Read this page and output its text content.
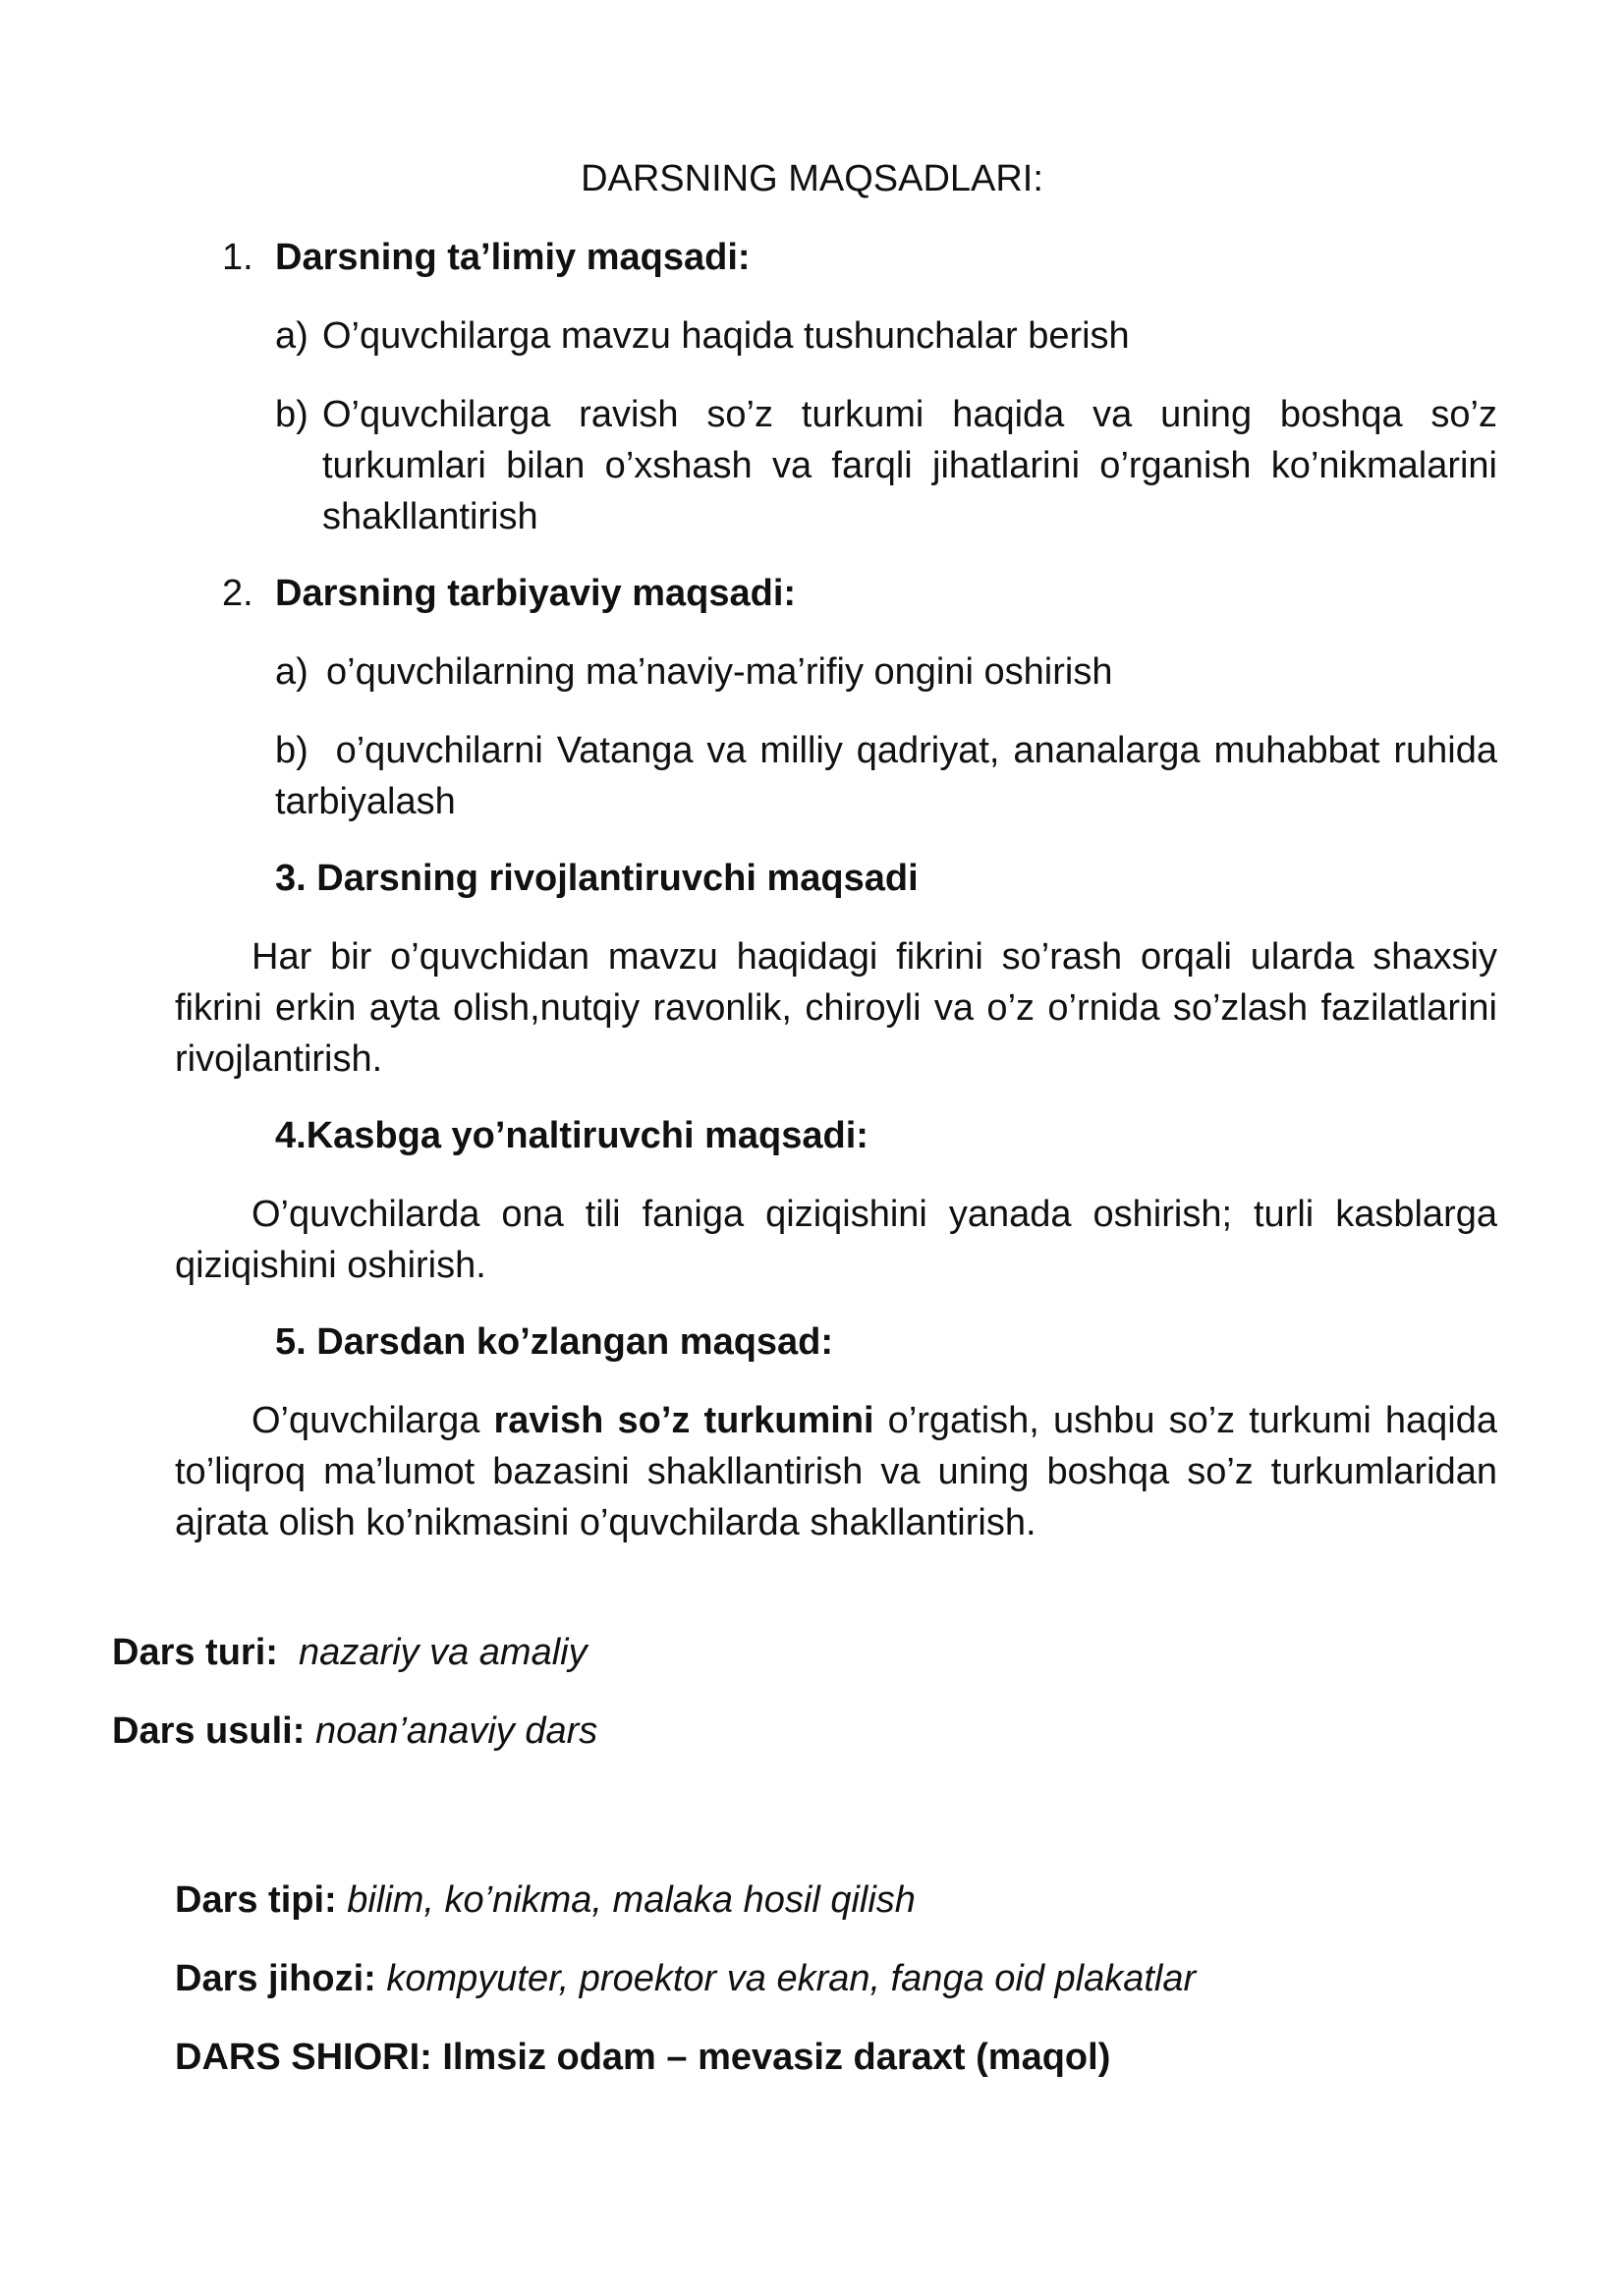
DARSNING MAQSADLARI:
1. Darsning ta’limiy maqsadi:
a) O’quvchilarga mavzu haqida tushunchalar berish
b) O’quvchilarga ravish so’z turkumi haqida va uning boshqa so’z turkumlari bilan o’xshash va farqli jihatlarini o’rganish ko’nikmalarini shakllantirish
2. Darsning tarbiyaviy maqsadi:
a) o’quvchilarning ma’naviy-ma’rifiy ongini oshirish
b) o’quvchilarni Vatanga va milliy qadriyat, ananalarga muhabbat ruhida tarbiyalash
3. Darsning rivojlantiruvchi maqsadi
Har bir o’quvchidan mavzu haqidagi fikrini so’rash orqali ularda shaxsiy fikrini erkin ayta olish,nutqiy ravonlik, chiroyli va o’z o’rnida so’zlash fazilatlarini rivojlantirish.
4.Kasbga yo’naltiruvchi maqsadi:
O’quvchilarda ona tili faniga qiziqishini yanada oshirish; turli kasblarga qiziqishini oshirish.
5. Darsdan ko’zlangan maqsad:
O’quvchilarga ravish so’z turkumini o’rgatish, ushbu so’z turkumi haqida to’liqroq ma’lumot bazasini shakllantirish va uning boshqa so’z turkumlaridan ajrata olish ko’nikmasini o’quvchilarda shakllantirish.
Dars turi: nazariy va amaliy
Dars usuli: noan’anaviy dars
Dars tipi: bilim, ko’nikma, malaka hosil qilish
Dars jihozi: kompyuter, proektor va ekran, fanga oid plakatlar
DARS SHIORI: Ilmsiz odam – mevasiz daraxt (maqol)
